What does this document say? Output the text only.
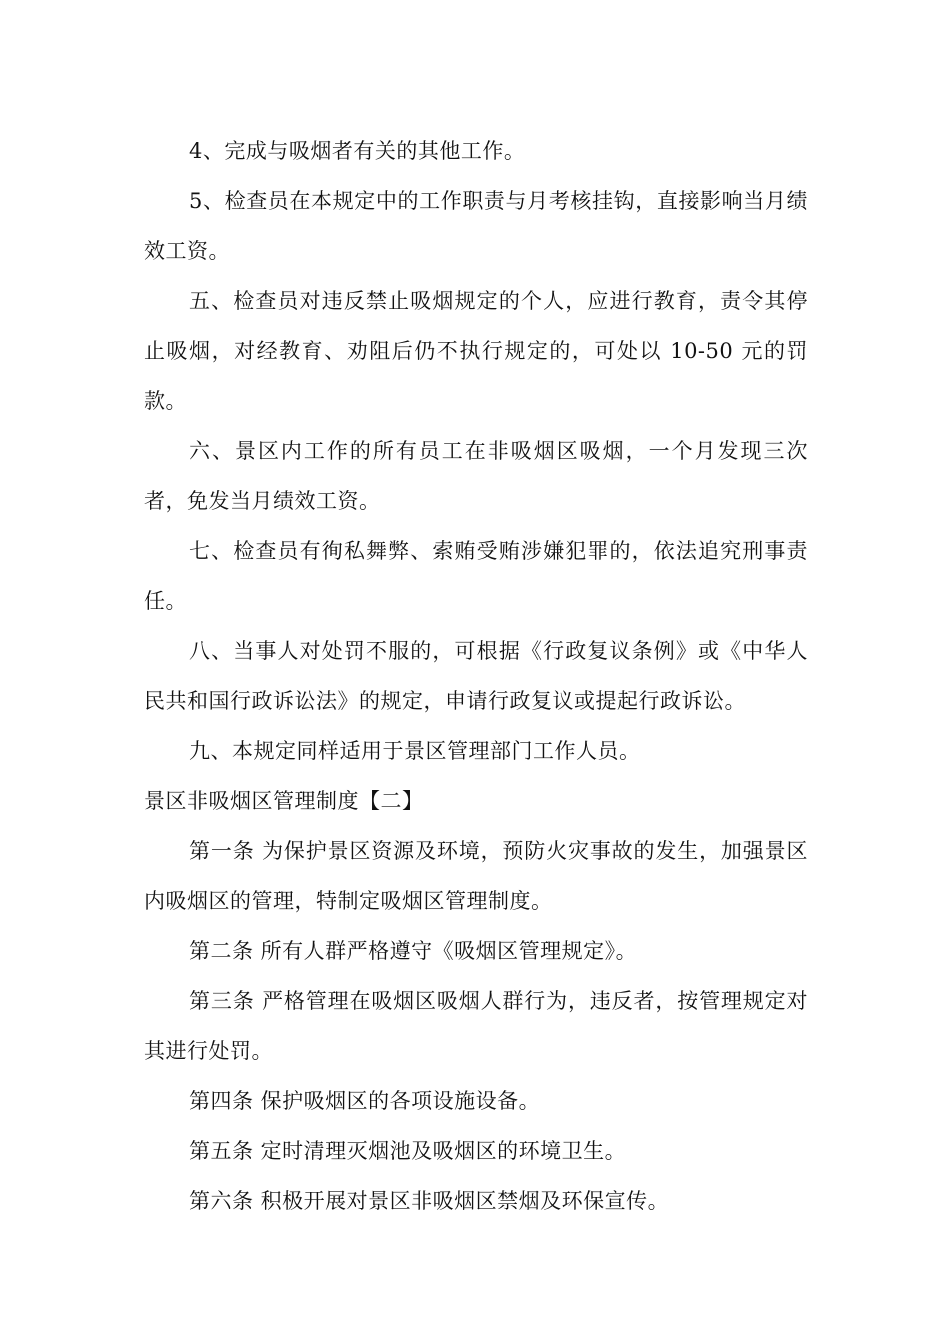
4、完成与吸烟者有关的其他工作。

5、检查员在本规定中的工作职责与月考核挂钩，直接影响当月绩效工资。

五、检查员对违反禁止吸烟规定的个人，应进行教育，责令其停止吸烟，对经教育、劝阻后仍不执行规定的，可处以 10-50 元的罚款。

六、景区内工作的所有员工在非吸烟区吸烟，一个月发现三次者，免发当月绩效工资。

七、检查员有徇私舞弊、索贿受贿涉嫌犯罪的，依法追究刑事责任。

八、当事人对处罚不服的，可根据《行政复议条例》或《中华人民共和国行政诉讼法》的规定，申请行政复议或提起行政诉讼。

九、本规定同样适用于景区管理部门工作人员。

景区非吸烟区管理制度【二】

第一条 为保护景区资源及环境，预防火灾事故的发生，加强景区内吸烟区的管理，特制定吸烟区管理制度。

第二条 所有人群严格遵守《吸烟区管理规定》。

第三条 严格管理在吸烟区吸烟人群行为，违反者，按管理规定对其进行处罚。

第四条 保护吸烟区的各项设施设备。

第五条 定时清理灭烟池及吸烟区的环境卫生。

第六条 积极开展对景区非吸烟区禁烟及环保宣传。
